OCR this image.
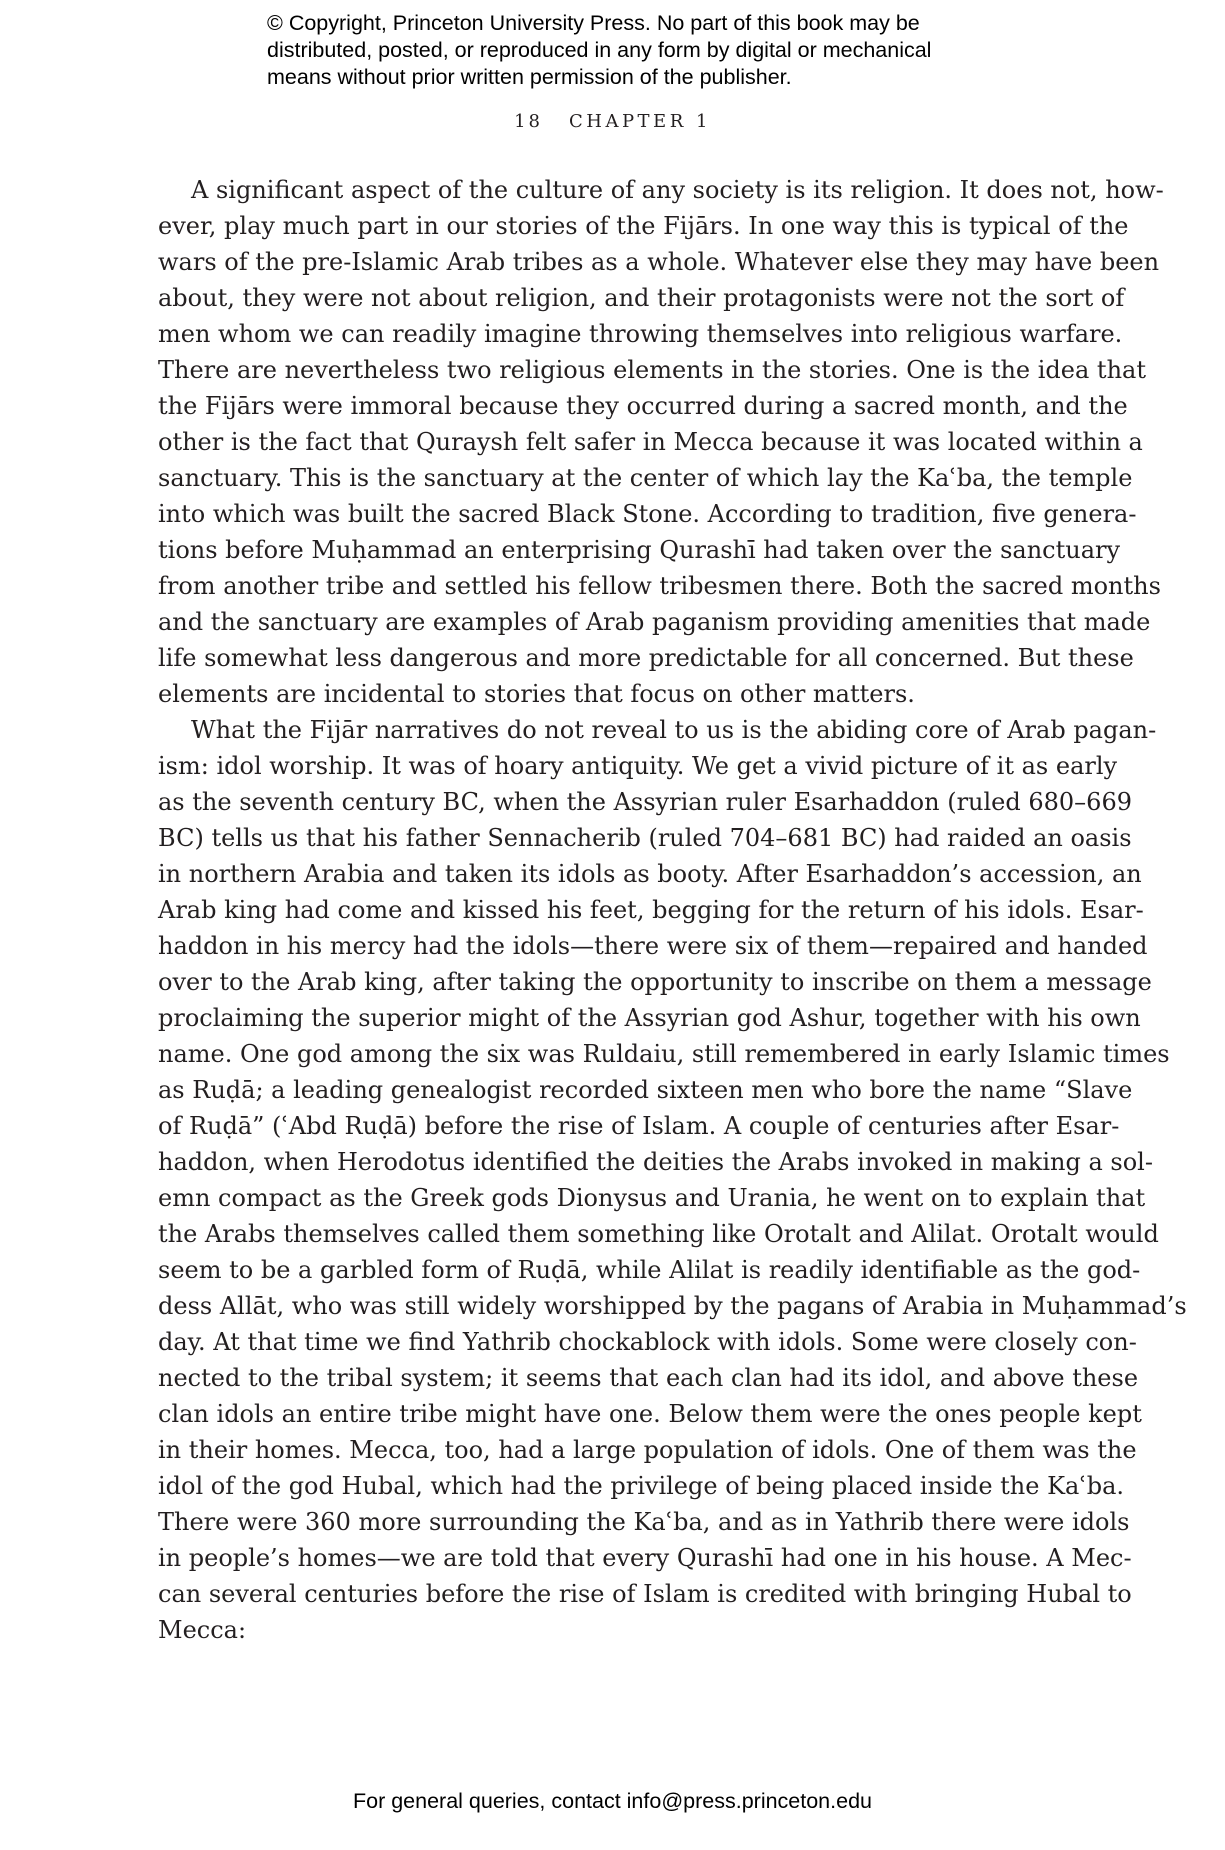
© Copyright, Princeton University Press. No part of this book may be
distributed, posted, or reproduced in any form by digital or mechanical
means without prior written permission of the publisher.
18 CHAPTER 1
A significant aspect of the culture of any society is its religion. It does not, how-
ever, play much part in our stories of the Fijārs. In one way this is typical of the
wars of the pre-Islamic Arab tribes as a whole. Whatever else they may have been
about, they were not about religion, and their protagonists were not the sort of
men whom we can readily imagine throwing themselves into religious warfare.
There are nevertheless two religious elements in the stories. One is the idea that
the Fijārs were immoral because they occurred during a sacred month, and the
other is the fact that Quraysh felt safer in Mecca because it was located within a
sanctuary. This is the sanctuary at the center of which lay the Kaʿba, the temple
into which was built the sacred Black Stone. According to tradition, five genera-
tions before Muḥammad an enterprising Qurashī had taken over the sanctuary
from another tribe and settled his fellow tribesmen there. Both the sacred months
and the sanctuary are examples of Arab paganism providing amenities that made
life somewhat less dangerous and more predictable for all concerned. But these
elements are incidental to stories that focus on other matters.
What the Fijār narratives do not reveal to us is the abiding core of Arab pagan-
ism: idol worship. It was of hoary antiquity. We get a vivid picture of it as early
as the seventh century BC, when the Assyrian ruler Esarhaddon (ruled 680–669
BC) tells us that his father Sennacherib (ruled 704–681 BC) had raided an oasis
in northern Arabia and taken its idols as booty. After Esarhaddon’s accession, an
Arab king had come and kissed his feet, begging for the return of his idols. Esar-
haddon in his mercy had the idols—there were six of them—repaired and handed
over to the Arab king, after taking the opportunity to inscribe on them a message
proclaiming the superior might of the Assyrian god Ashur, together with his own
name. One god among the six was Ruldaiu, still remembered in early Islamic times
as Ruḍā; a leading genealogist recorded sixteen men who bore the name “Slave
of Ruḍā” (ʿAbd Ruḍā) before the rise of Islam. A couple of centuries after Esar-
haddon, when Herodotus identified the deities the Arabs invoked in making a sol-
emn compact as the Greek gods Dionysus and Urania, he went on to explain that
the Arabs themselves called them something like Orotalt and Alilat. Orotalt would
seem to be a garbled form of Ruḍā, while Alilat is readily identifiable as the god-
dess Allāt, who was still widely worshipped by the pagans of Arabia in Muḥammad’s
day. At that time we find Yathrib chockablock with idols. Some were closely con-
nected to the tribal system; it seems that each clan had its idol, and above these
clan idols an entire tribe might have one. Below them were the ones people kept
in their homes. Mecca, too, had a large population of idols. One of them was the
idol of the god Hubal, which had the privilege of being placed inside the Kaʿba.
There were 360 more surrounding the Kaʿba, and as in Yathrib there were idols
in people’s homes—we are told that every Qurashī had one in his house. A Mec-
can several centuries before the rise of Islam is credited with bringing Hubal to
Mecca:
For general queries, contact info@press.princeton.edu
